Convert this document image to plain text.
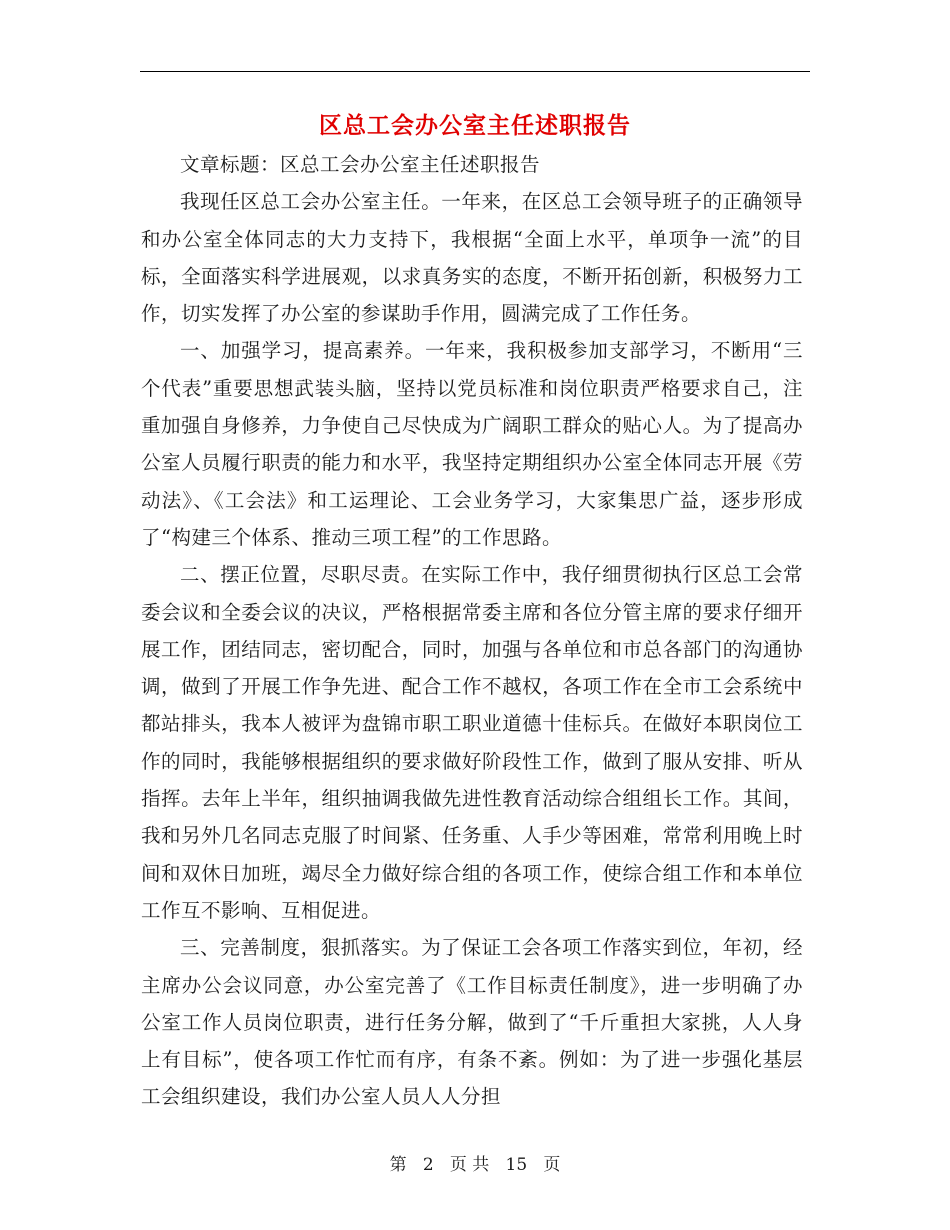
区总工会办公室主任述职报告

文章标题：区总工会办公室主任述职报告

我现任区总工会办公室主任。一年来，在区总工会领导班子的正确领导和办公室全体同志的大力支持下，我根据“全面上水平，单项争一流”的目标，全面落实科学进展观，以求真务实的态度，不断开拓创新，积极努力工作，切实发挥了办公室的参谋助手作用，圆满完成了工作任务。

一、加强学习，提高素养。一年来，我积极参加支部学习，不断用“三个代表”重要思想武装头脑，坚持以党员标准和岗位职责严格要求自己，注重加强自身修养，力争使自己尽快成为广阔职工群众的贴心人。为了提高办公室人员履行职责的能力和水平，我坚持定期组织办公室全体同志开展《劳动法》、《工会法》和工运理论、工会业务学习，大家集思广益，逐步形成了“构建三个体系、推动三项工程”的工作思路。

二、摆正位置，尽职尽责。在实际工作中，我仔细贯彻执行区总工会常委会议和全委会议的决议，严格根据常委主席和各位分管主席的要求仔细开展工作，团结同志，密切配合，同时，加强与各单位和市总各部门的沟通协调，做到了开展工作争先进、配合工作不越权，各项工作在全市工会系统中都站排头，我本人被评为盘锦市职工职业道德十佳标兵。在做好本职岗位工作的同时，我能够根据组织的要求做好阶段性工作，做到了服从安排、听从指挥。去年上半年，组织抽调我做先进性教育活动综合组组长工作。其间，我和另外几名同志克服了时间紧、任务重、人手少等困难，常常利用晚上时间和双休日加班，竭尽全力做好综合组的各项工作，使综合组工作和本单位工作互不影响、互相促进。

三、完善制度，狠抓落实。为了保证工会各项工作落实到位，年初，经主席办公会议同意，办公室完善了《工作目标责任制度》，进一步明确了办公室工作人员岗位职责，进行任务分解，做到了“千斤重担大家挑，人人身上有目标”，使各项工作忙而有序，有条不紊。例如：为了进一步强化基层工会组织建设，我们办公室人员人人分担

第 2 页 共 15 页
